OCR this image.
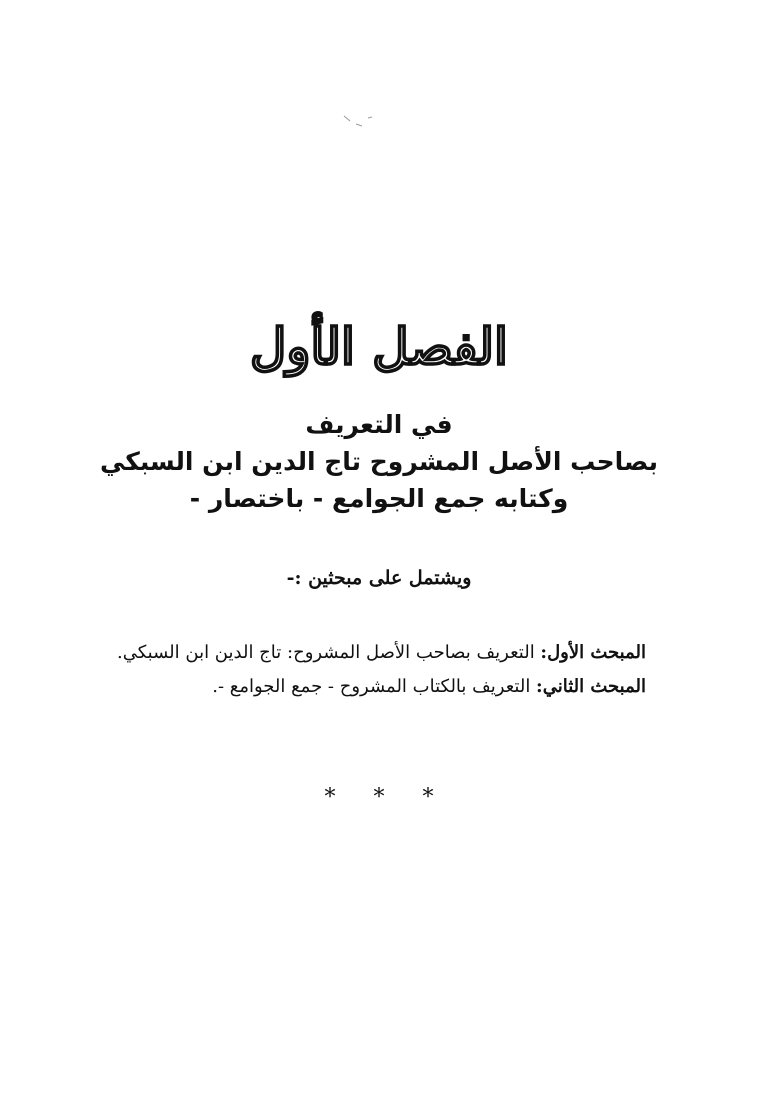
الفصل الأول
في التعريف
بصاحب الأصل المشروح تاج الدين ابن السبكي
وكتابه جمع الجوامع - باختصار -
ويشتمل على مبحثين :-
المبحث الأول: التعريف بصاحب الأصل المشروح: تاج الدين ابن السبكي.
المبحث الثاني: التعريف بالكتاب المشروح - جمع الجوامع -.
***
